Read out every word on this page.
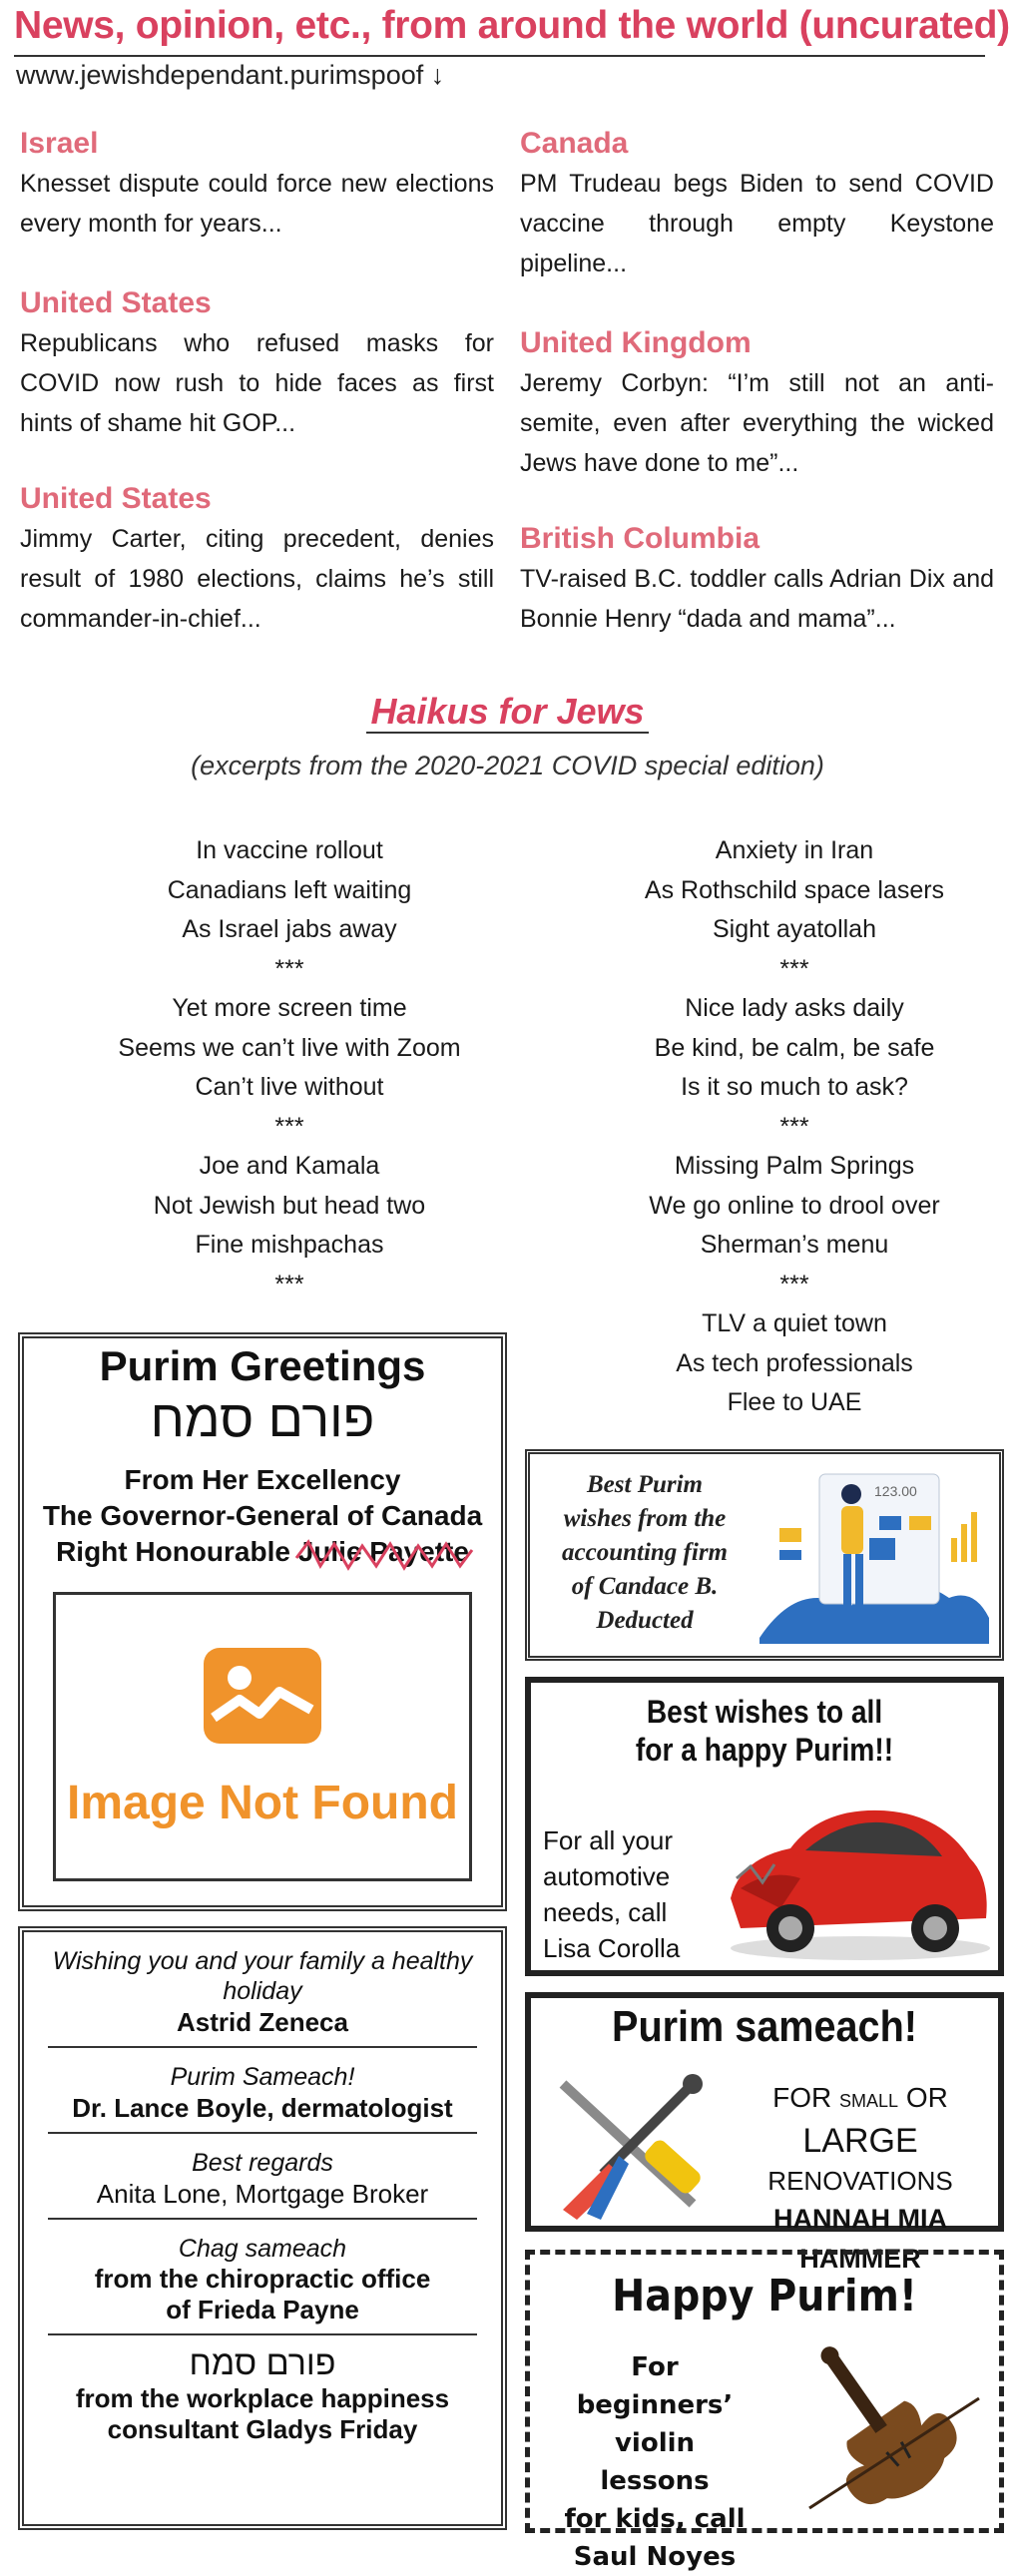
News, opinion, etc., from around the world (uncurated)
www.jewishdependant.purimspoof ↓
Israel

Knesset dispute could force new elections every month for years...

United States

Republicans who refused masks for COVID now rush to hide faces as first hints of shame hit GOP...

United States

Jimmy Carter, citing precedent, denies result of 1980 elections, claims he’s still commander-in-chief...

Canada

PM Trudeau begs Biden to send COVID vaccine through empty Keystone pipeline...

United Kingdom

Jeremy Corbyn: “I’m still not an anti-semite, even after everything the wicked Jews have done to me”...

British Columbia

TV-raised B.C. toddler calls Adrian Dix and Bonnie Henry “dada and mama”...

Haikus for Jews
(excerpts from the 2020-2021 COVID special edition)
In vaccine rollout
Canadians left waiting
As Israel jabs away
***
Yet more screen time
Seems we can’t live with Zoom
Can’t live without
***
Joe and Kamala
Not Jewish but head two
Fine mishpachas
***
Anxiety in Iran
As Rothschild space lasers
Sight ayatollah
***
Nice lady asks daily
Be kind, be calm, be safe
Is it so much to ask?
***
Missing Palm Springs
We go online to drool over
Sherman’s menu
***
TLV a quiet town
As tech professionals
Flee to UAE
Purim Greetings
פורם סמח
From Her Excellency
The Governor-General of Canada
Right Honourable Julie Payette
Image Not Found
Best Purim
wishes from the
accounting firm
of Candace B.
Deducted
123.00
Best wishes to all
for a happy Purim!!
For all your
automotive
needs, call
Lisa Corolla
Purim sameach!
FOR SMALL OR LARGE
RENOVATIONS
HANNAH MIA HAMMER
Happy Purim!
For beginners’
violin lessons
for kids, call
Saul Noyes
Wishing you and your family a healthy holiday
Astrid Zeneca
Purim Sameach!
Dr. Lance Boyle, dermatologist
Best regards
Anita Lone, Mortgage Broker
Chag sameach
from the chiropractic office of Frieda Payne
פורם סמח
from the workplace happiness consultant Gladys Friday
